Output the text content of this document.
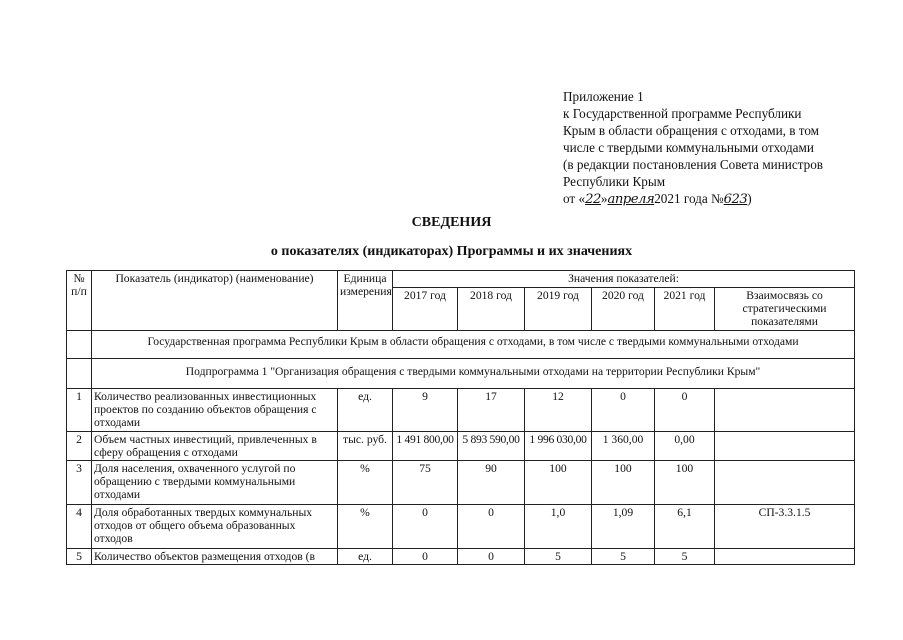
Приложение 1
к Государственной программе Республики
Крым в области обращения с отходами, в том
числе с твердыми коммунальными отходами
(в редакции постановления Совета министров
Республики Крым
от «22»апреля2021 года №623)
СВЕДЕНИЯ
о показателях (индикаторах) Программы и их значениях
№ п/п	Показатель (индикатор) (наименование)	Единица измерения	Значения показателей:					
			2017 год	2018 год	2019 год	2020 год	2021 год	Взаимосвязь со стратегическими показателями
	Государственная программа Республики Крым в области обращения с отходами, в том числе с твердыми коммунальными отходами							
	Подпрограмма 1 "Организация обращения с твердыми коммунальными отходами на территории Республики Крым"							
1	Количество реализованных инвестиционных проектов по созданию объектов обращения с отходами	ед.	9	17	12	0	0	
2	Объем частных инвестиций, привлеченных в сферу обращения с отходами	тыс. руб.	1 491 800,00	5 893 590,00	1 996 030,00	1 360,00	0,00	
3	Доля населения, охваченного услугой по обращению с твердыми коммунальными отходами	%	75	90	100	100	100	
4	Доля обработанных твердых коммунальных отходов от общего объема образованных отходов	%	0	0	1,0	1,09	6,1	СП-3.3.1.5
5	Количество объектов размещения отходов (в	ед.	0	0	5	5	5	
